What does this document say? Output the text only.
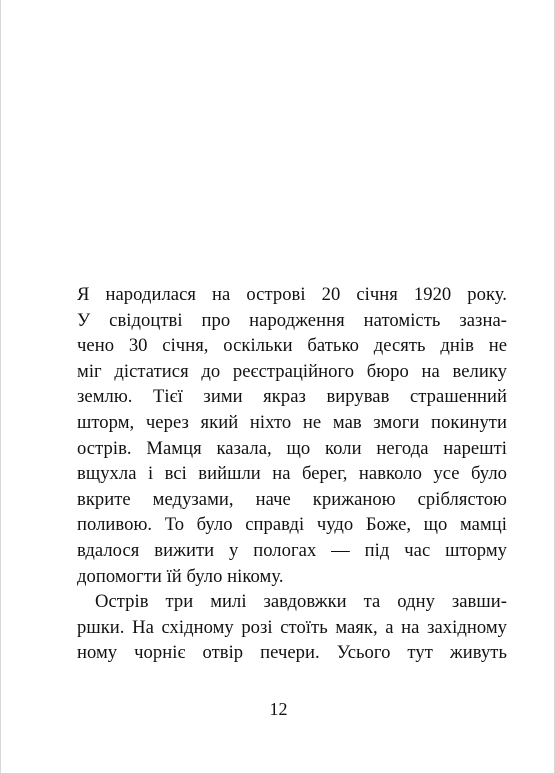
Я народилася на острові 20 січня 1920 року.
У свідоцтві про народження натомість зазна-
чено 30 січня, оскільки батько десять днів не
міг дістатися до реєстраційного бюро на велику
землю. Тієї зими якраз вирував страшенний
шторм, через який ніхто не мав змоги покинути
острів. Мамця казала, що коли негода нарешті
вщухла і всі вийшли на берег, навколо усе було
вкрите медузами, наче крижаною сріблястою
поливою. То було справді чудо Боже, що мамці
вдалося вижити у пологах — під час шторму
допомогти їй було нікому.

Острів три милі завдовжки та одну завши-
ршки. На східному розі стоїть маяк, а на західному
ному чорніє отвір печери. Усього тут живуть

12
